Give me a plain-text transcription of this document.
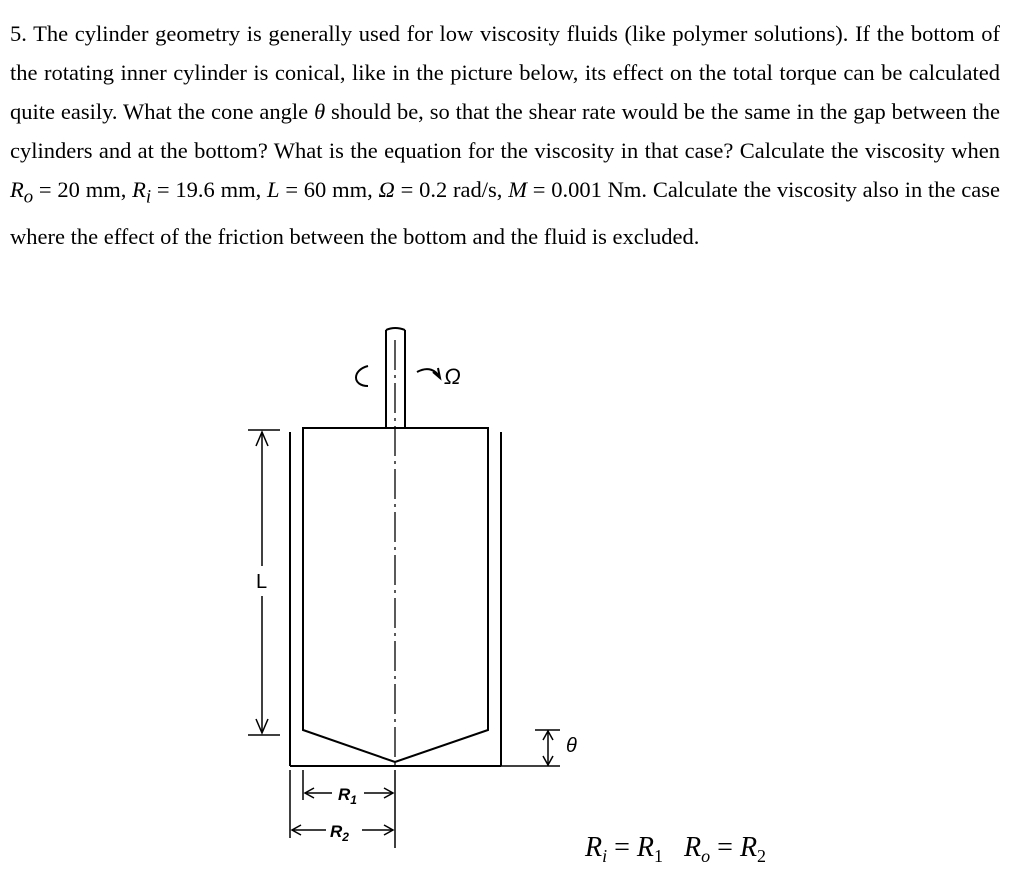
5. The cylinder geometry is generally used for low viscosity fluids (like polymer solutions). If the bottom of the rotating inner cylinder is conical, like in the picture below, its effect on the total torque can be calculated quite easily. What the cone angle θ should be, so that the shear rate would be the same in the gap between the cylinders and at the bottom? What is the equation for the viscosity in that case? Calculate the viscosity when $R_o = 20$ mm, $R_i = 19.6$ mm, L = 60 mm, Ω = 0.2 rad/s, M = 0.001 Nm. Calculate the viscosity also in the case where the effect of the friction between the bottom and the fluid is excluded.

Ω
L
θ
$R_1$
$R_2$	$R_i = R_1$ $R_o = R_2$
